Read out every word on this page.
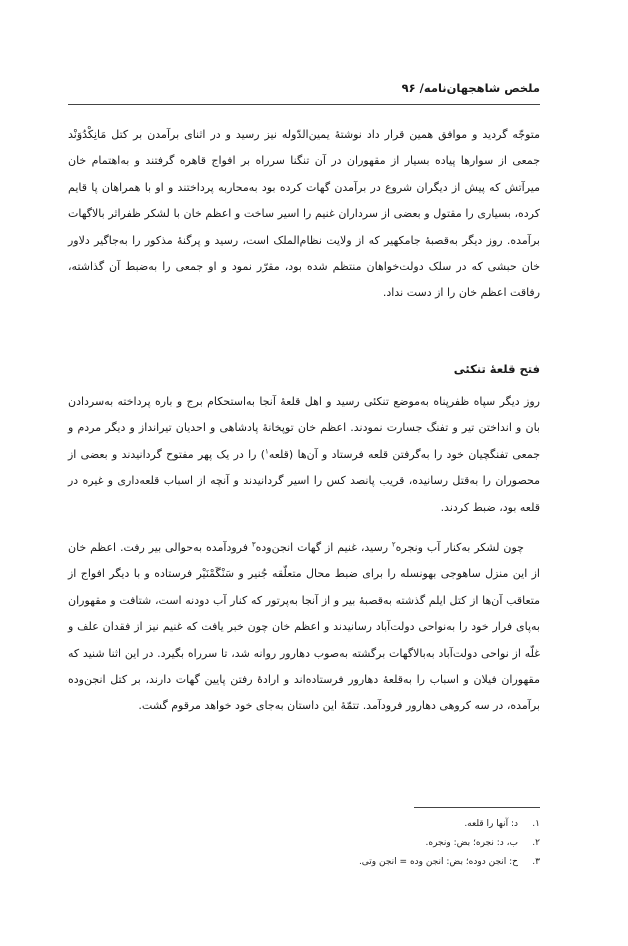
ملخص شاهجهان‌نامه/ ۹۶

متوجّه گردید و موافق همین قرار داد نوشتهٔ یمین‌الدّوله نیز رسید و در اثنای برآمدن بر کتل مَانِکْدُوَنْد جمعی از سوارها پیاده بسیار از مقهوران در آن تنگنا سرراه بر افواج قاهره گرفتند و به‌اهتمام خان میرآتش که پیش از دیگران شروع در برآمدن گهات کرده بود به‌محاربه پرداختند و او با همراهان پا قایم کرده، بسیاری را مقتول و بعضی از سرداران غنیم را اسیر ساخت و اعظم خان با لشکر ظفراثر بالاگهات برآمده. روز دیگر به‌قصبهٔ جامکهیر که از ولایت نظام‌الملک است، رسید و پرگنهٔ مذکور را به‌جاگیر دلاور خان حبشی که در سلک دولت‌خواهان منتظم شده بود، مقرّر نمود و او جمعی را به‌ضبط آن گذاشته، رفاقت اعظم خان را از دست نداد.

فتح قلعهٔ تنکئی

روز دیگر سپاه ظفرپناه به‌موضع تنکئی رسید و اهل قلعهٔ آنجا به‌استحکام برج و باره پرداخته به‌سردادن بان و انداختن تیر و تفنگ جسارت نمودند. اعظم خان توپخانهٔ پادشاهی و احدیان تیرانداز و دیگر مردم و جمعی تفنگچیان خود را به‌گرفتن قلعه فرستاد و آن‌ها (قلعه$^۱$) را در یک پهر مفتوح گردانیدند و بعضی از محصوران را به‌قتل رسانیده، قریب پانصد کس را اسیر گردانیدند و آنچه از اسباب قلعه‌داری و غیره در قلعه بود، ضبط کردند.

چون لشکر به‌کنار آب ونجره$^۲$ رسید، غنیم از گهات انجن‌وده$^۳$ فرودآمده به‌حوالی بیر رفت. اعظم خان از این منزل ساهوجی بهونسله را برای ضبط محال متعلّقه جُنیر و سَنْگَمْنَیْر فرستاده و با دیگر افواج از متعاقب آن‌ها از کتل ایلم گذشته به‌قصبهٔ بیر و از آنجا به‌پرتور که کنار آب دودنه است، شتافت و مقهوران به‌پای فرار خود را به‌نواحی دولت‌آباد رسانیدند و اعظم خان چون خبر یافت که غنیم نیز از فقدان علف و غلّه از نواحی دولت‌آباد به‌بالاگهات برگشته به‌صوب دهارور روانه شد، تا سرراه بگیرد. در این اثنا شنید که مقهوران فیلان و اسباب را به‌قلعهٔ دهارور فرستاده‌اند و ارادهٔ رفتن پایین گهات دارند، بر کتل انجن‌وده برآمده، در سه کروهی دهارور فرودآمد. تتمّهٔ این داستان به‌جای خود خواهد مرقوم گشت.

۱.
د: آنها را قلعه.
۲.
ب، د: نجره؛ بض: ونجره.
۳.
ح: انجن دوده؛ بض: انجن وده = انجن وتی.
